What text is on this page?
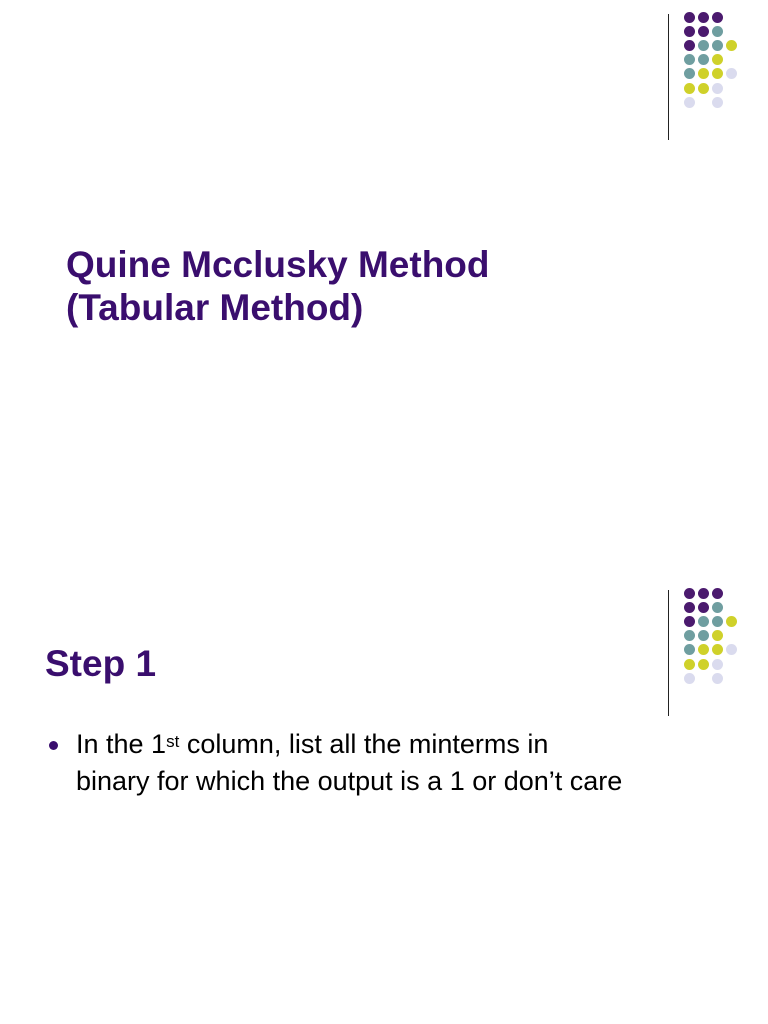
Quine Mcclusky Method
(Tabular Method)
Step 1
In the 1st column, list all the minterms in
binary for which the output is a 1 or don’t care
